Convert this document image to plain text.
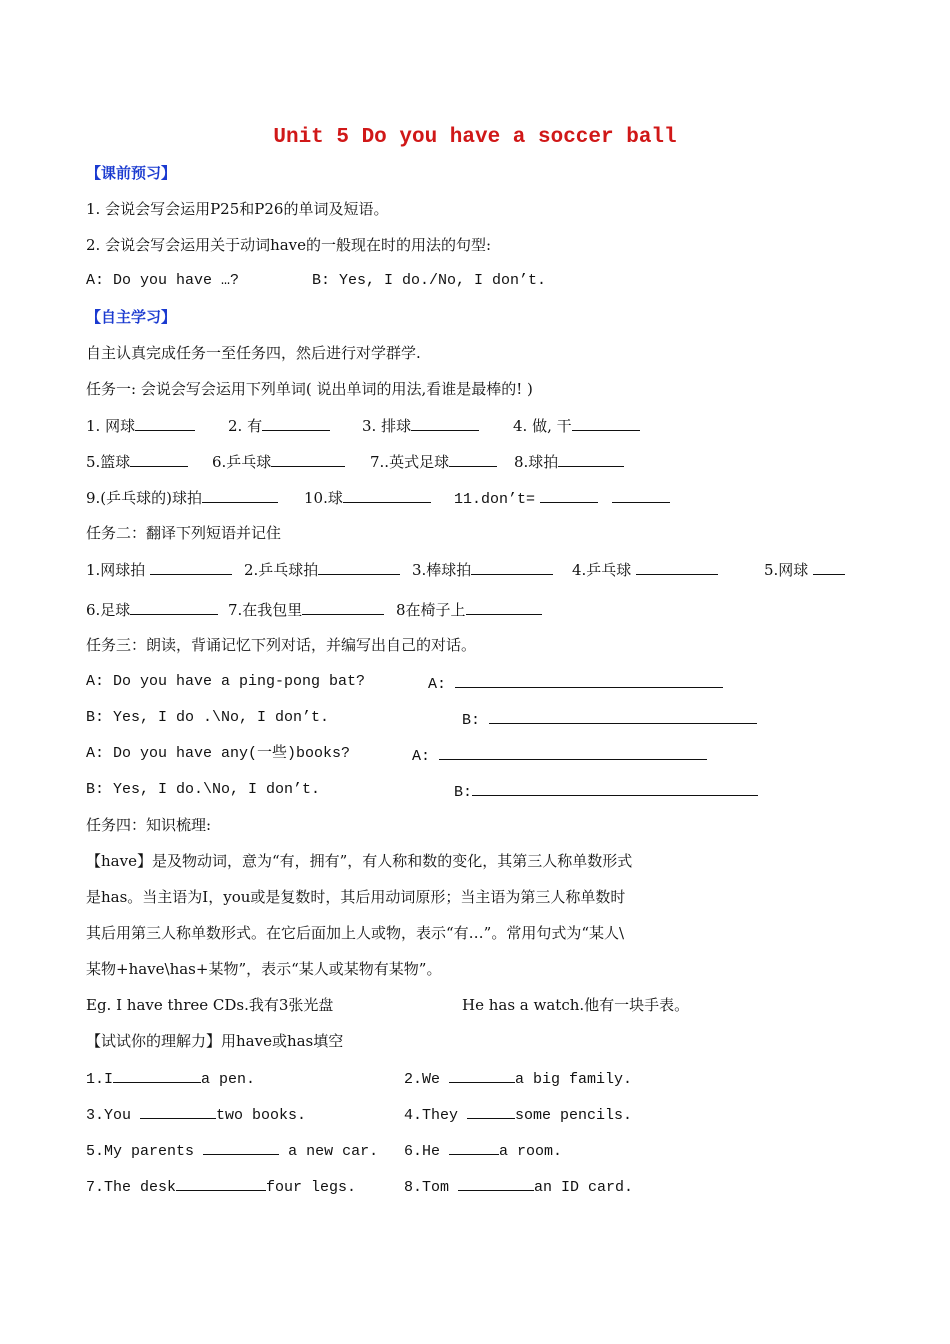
Unit 5 Do you have a soccer ball
【课前预习】
1. 会说会写会运用P25和P26的单词及短语。
2. 会说会写会运用关于动词have的一般现在时的用法的句型:
A: Do you have …?	B: Yes, I do./No, I don’t.
【自主学习】
自主认真完成任务一至任务四，然后进行对学群学.
任务一: 会说会写会运用下列单词( 说出单词的用法,看谁是最棒的! )
1. 网球	2. 有	3. 排球	4. 做, 干
5.篮球	6.乒乓球	7..英式足球	8.球拍
9.(乒乓球的)球拍	10.球	11.don’t=
任务二：翻译下列短语并记住
1.网球拍	2.乒乓球拍	3.棒球拍	4.乒乓球	5.网球
6.足球	7.在我包里	8在椅子上
任务三：朗读，背诵记忆下列对话，并编写出自己的对话。
A: Do you have a ping-pong bat?	A:
B: Yes, I do .\No, I don’t.	B:
A: Do you have any(一些)books?	A:
B: Yes, I do.\No, I don’t.	B:
任务四：知识梳理:
【have】是及物动词，意为“有，拥有”，有人称和数的变化，其第三人称单数形式
是has。当主语为I，you或是复数时，其后用动词原形；当主语为第三人称单数时
其后用第三人称单数形式。在它后面加上人或物，表示“有…”。常用句式为“某人\
某物+have\has+某物”，表示“某人或某物有某物”。
Eg. I have three CDs.我有3张光盘	He has a watch.他有一块手表。
【试试你的理解力】用have或has填空
1.I	a pen.	2.We	a big family.
3.You	two books.	4.They	some pencils.
5.My parents	a new car. 6.He	a room.
7.The desk	four legs.	8.Tom	an ID card.
